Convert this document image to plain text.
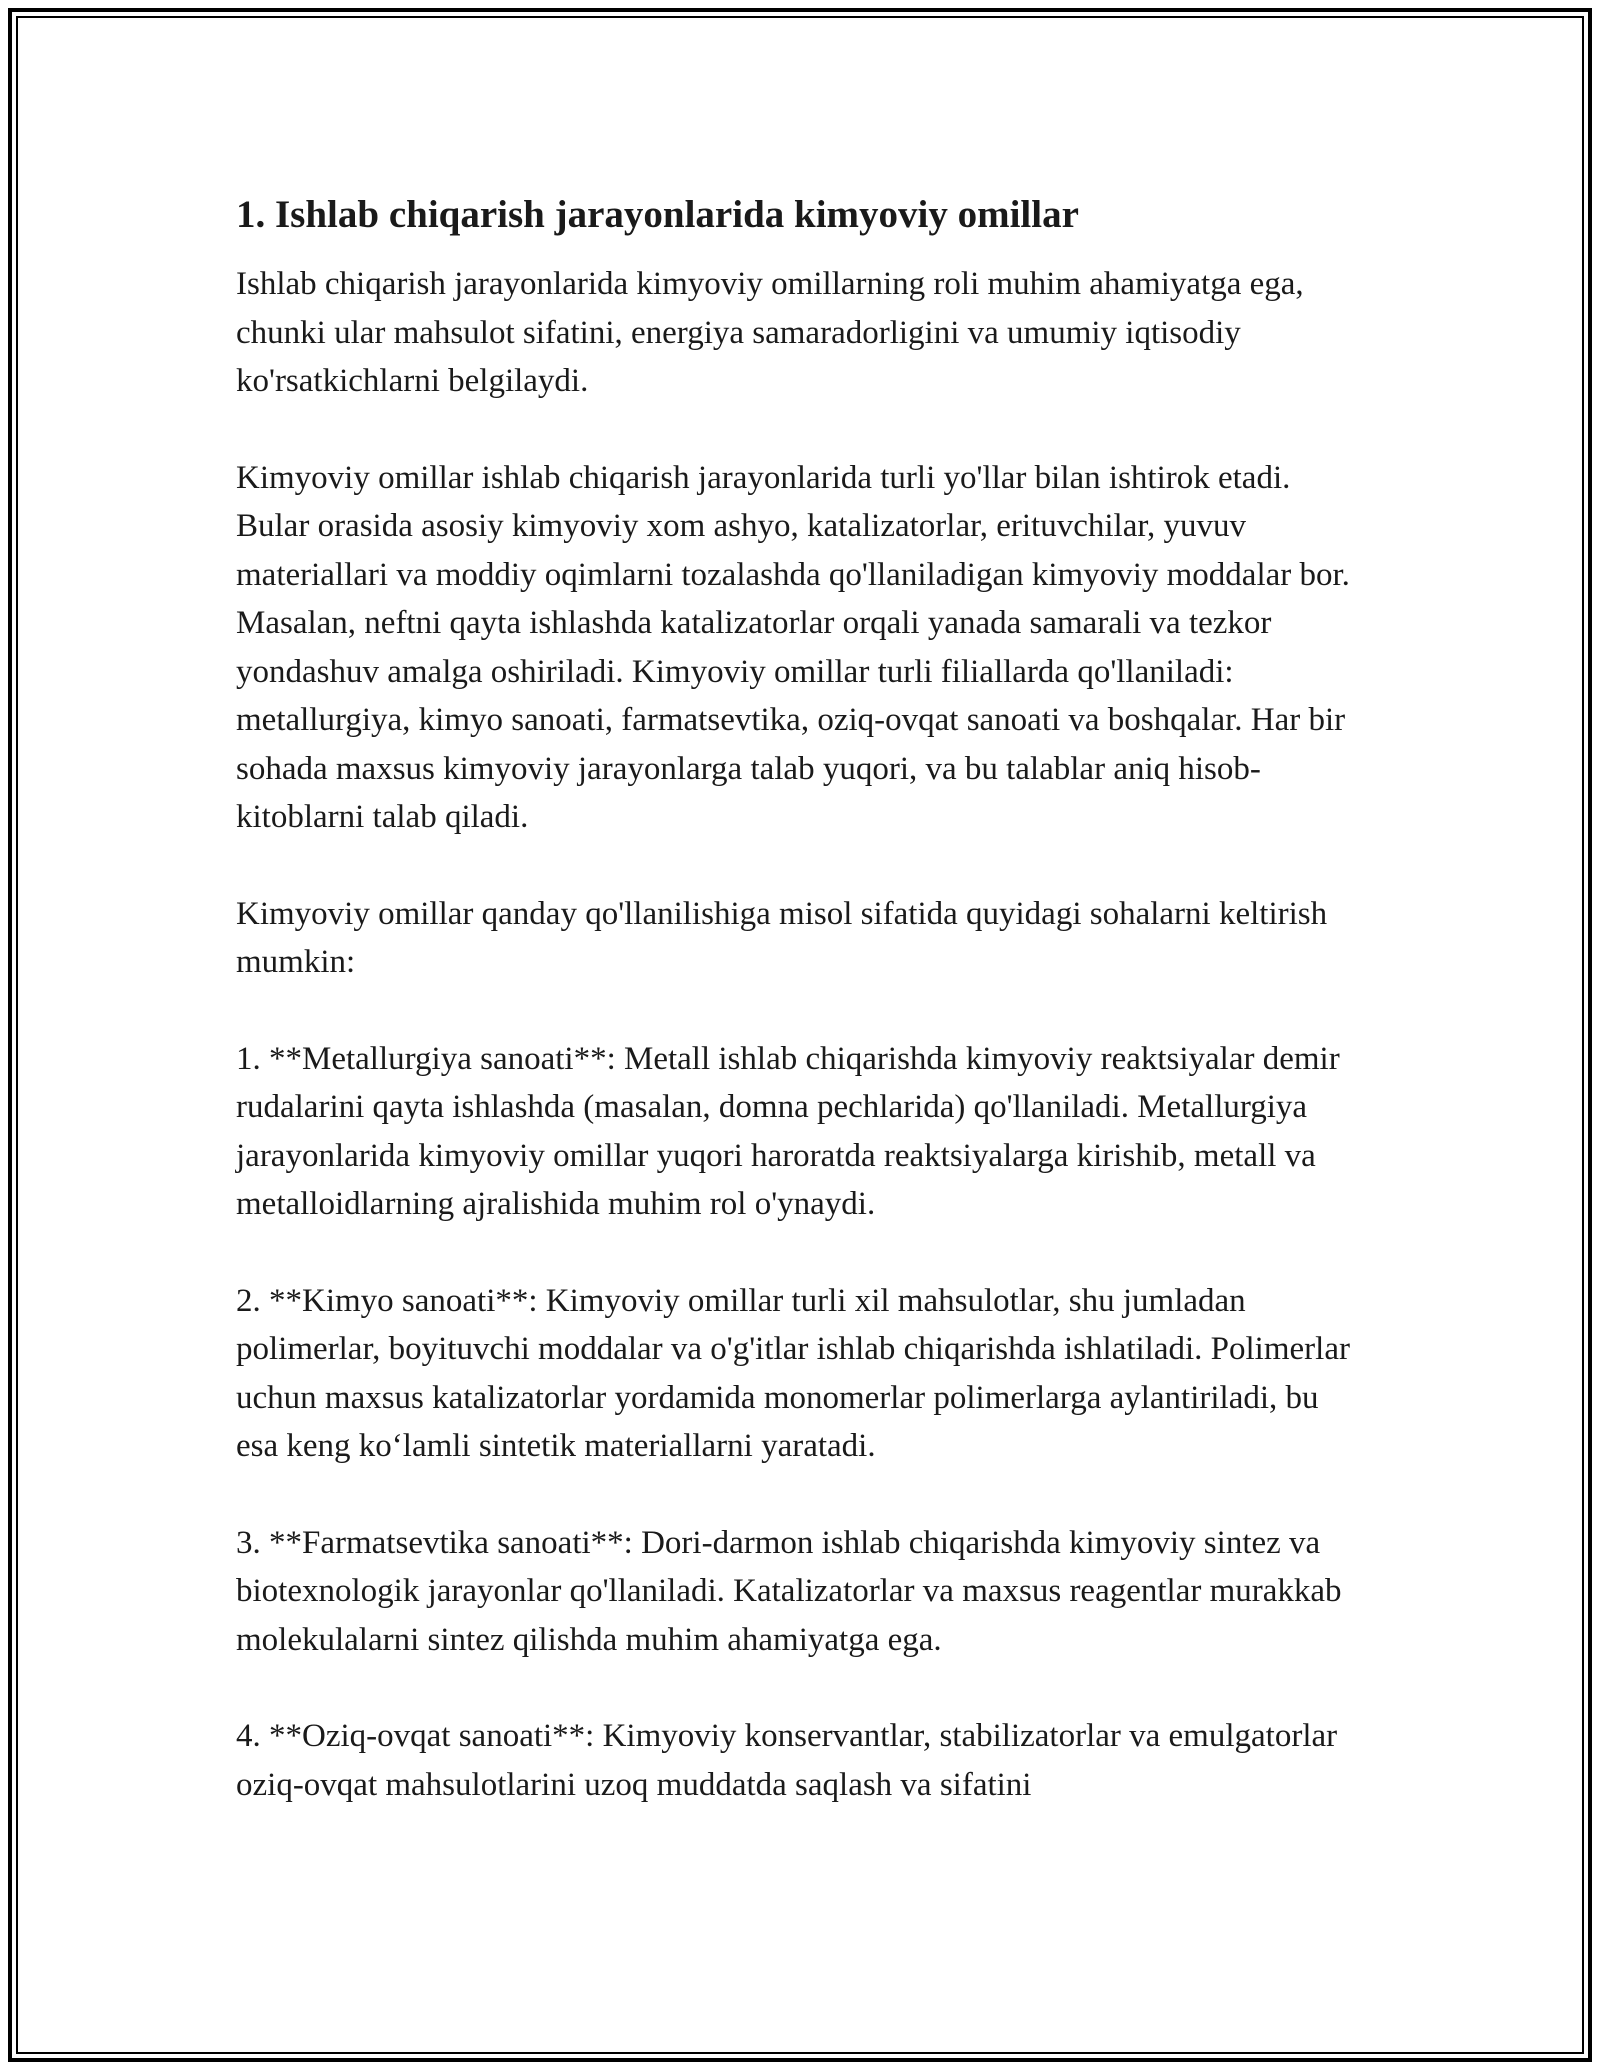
1. Ishlab chiqarish jarayonlarida kimyoviy omillar

Ishlab chiqarish jarayonlarida kimyoviy omillarning roli muhim ahamiyatga ega, chunki ular mahsulot sifatini, energiya samaradorligini va umumiy iqtisodiy ko'rsatkichlarni belgilaydi.

Kimyoviy omillar ishlab chiqarish jarayonlarida turli yo'llar bilan ishtirok etadi. Bular orasida asosiy kimyoviy xom ashyo, katalizatorlar, erituvchilar, yuvuv materiallari va moddiy oqimlarni tozalashda qo'llaniladigan kimyoviy moddalar bor. Masalan, neftni qayta ishlashda katalizatorlar orqali yanada samarali va tezkor yondashuv amalga oshiriladi. Kimyoviy omillar turli filiallarda qo'llaniladi: metallurgiya, kimyo sanoati, farmatsevtika, oziq-ovqat sanoati va boshqalar. Har bir sohada maxsus kimyoviy jarayonlarga talab yuqori, va bu talablar aniq hisob-kitoblarni talab qiladi.

Kimyoviy omillar qanday qo'llanilishiga misol sifatida quyidagi sohalarni keltirish mumkin:

1. **Metallurgiya sanoati**: Metall ishlab chiqarishda kimyoviy reaktsiyalar demir rudalarini qayta ishlashda (masalan, domna pechlarida) qo'llaniladi. Metallurgiya jarayonlarida kimyoviy omillar yuqori haroratda reaktsiyalarga kirishib, metall va metalloidlarning ajralishida muhim rol o'ynaydi.

2. **Kimyo sanoati**: Kimyoviy omillar turli xil mahsulotlar, shu jumladan polimerlar, boyituvchi moddalar va o'g'itlar ishlab chiqarishda ishlatiladi. Polimerlar uchun maxsus katalizatorlar yordamida monomerlar polimerlarga aylantiriladi, bu esa keng ko‘lamli sintetik materiallarni yaratadi.

3. **Farmatsevtika sanoati**: Dori-darmon ishlab chiqarishda kimyoviy sintez va biotexnologik jarayonlar qo'llaniladi. Katalizatorlar va maxsus reagentlar murakkab molekulalarni sintez qilishda muhim ahamiyatga ega.

4. **Oziq-ovqat sanoati**: Kimyoviy konservantlar, stabilizatorlar va emulgatorlar oziq-ovqat mahsulotlarini uzoq muddatda saqlash va sifatini
